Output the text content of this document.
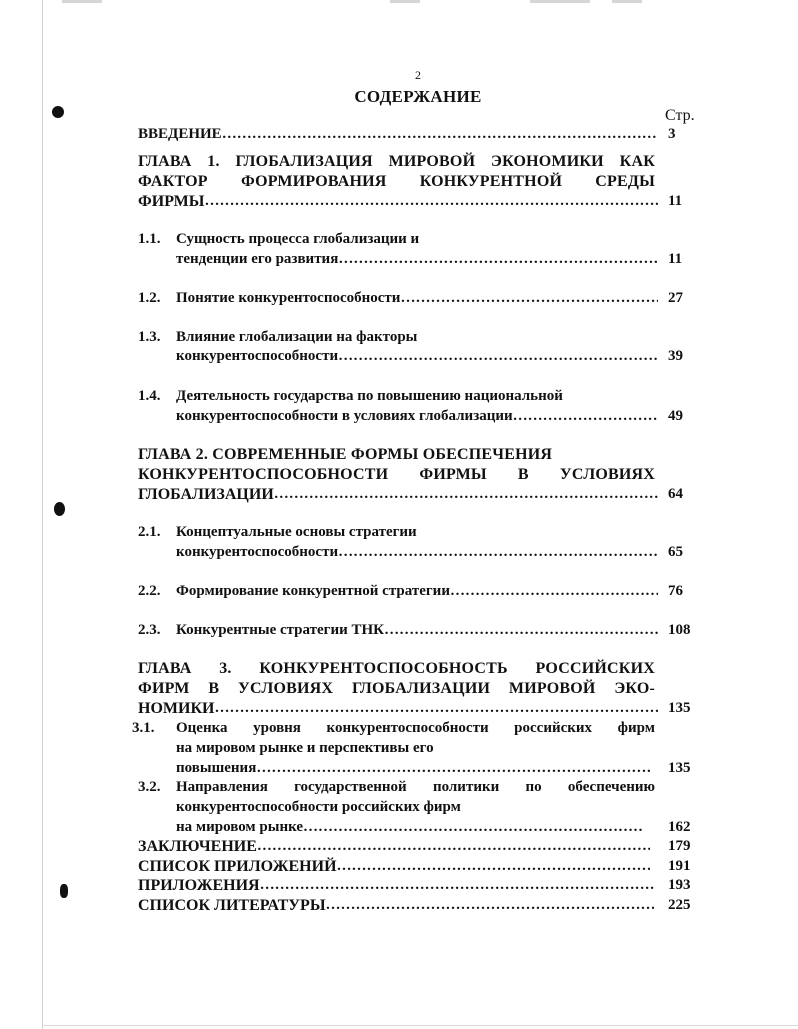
2
СОДЕРЖАНИЕ
Стр.
ВВЕДЕНИЕ …………………………………………………………………………………………………………………………………………………………	3
ГЛАВА 1. ГЛОБАЛИЗАЦИЯ МИРОВОЙ ЭКОНОМИКИ КАК
ФАКТОР ФОРМИРОВАНИЯ КОНКУРЕНТНОЙ СРЕДЫ
ФИРМЫ …………………………………………………………………………………………………………………………………………………………	11
1.1. Сущность процесса глобализации и
тенденции его развития …………………………………………………………………………………………………………………………………………………………	11
1.2. Понятие конкурентоспособности …………………………………………………………………………………………………………………………………………………………	27
1.3. Влияние глобализации на факторы
конкурентоспособности …………………………………………………………………………………………………………………………………………………………	39
1.4. Деятельность государства по повышению национальной
конкурентоспособности в условиях глобализации …………………………………………………………………………………………………………………………………………………………	49
ГЛАВА 2. СОВРЕМЕННЫЕ ФОРМЫ ОБЕСПЕЧЕНИЯ
КОНКУРЕНТОСПОСОБНОСТИ ФИРМЫ В УСЛОВИЯХ
ГЛОБАЛИЗАЦИИ …………………………………………………………………………………………………………………………………………………………	64
2.1. Концептуальные основы стратегии
конкурентоспособности …………………………………………………………………………………………………………………………………………………………	65
2.2. Формирование конкурентной стратегии …………………………………………………………………………………………………………………………………………………………	76
2.3. Конкурентные стратегии ТНК …………………………………………………………………………………………………………………………………………………………	108
ГЛАВА 3. КОНКУРЕНТОСПОСОБНОСТЬ РОССИЙСКИХ
ФИРМ В УСЛОВИЯХ ГЛОБАЛИЗАЦИИ МИРОВОЙ ЭКО-
НОМИКИ …………………………………………………………………………………………………………………………………………………………	135
3.1. Оценка уровня конкурентоспособности российских фирм
на мировом рынке и перспективы его
повышения …………………………………………………………………………………………………………………………………………………………	135
3.2. Направления государственной политики по обеспечению
конкурентоспособности российских фирм
на мировом рынке …………………………………………………………………………………………………………………………………………………………	162
ЗАКЛЮЧЕНИЕ …………………………………………………………………………………………………………………………………………………………	179
СПИСОК ПРИЛОЖЕНИЙ …………………………………………………………………………………………………………………………………………………………	191
ПРИЛОЖЕНИЯ …………………………………………………………………………………………………………………………………………………………	193
СПИСОК ЛИТЕРАТУРЫ …………………………………………………………………………………………………………………………………………………………	225
